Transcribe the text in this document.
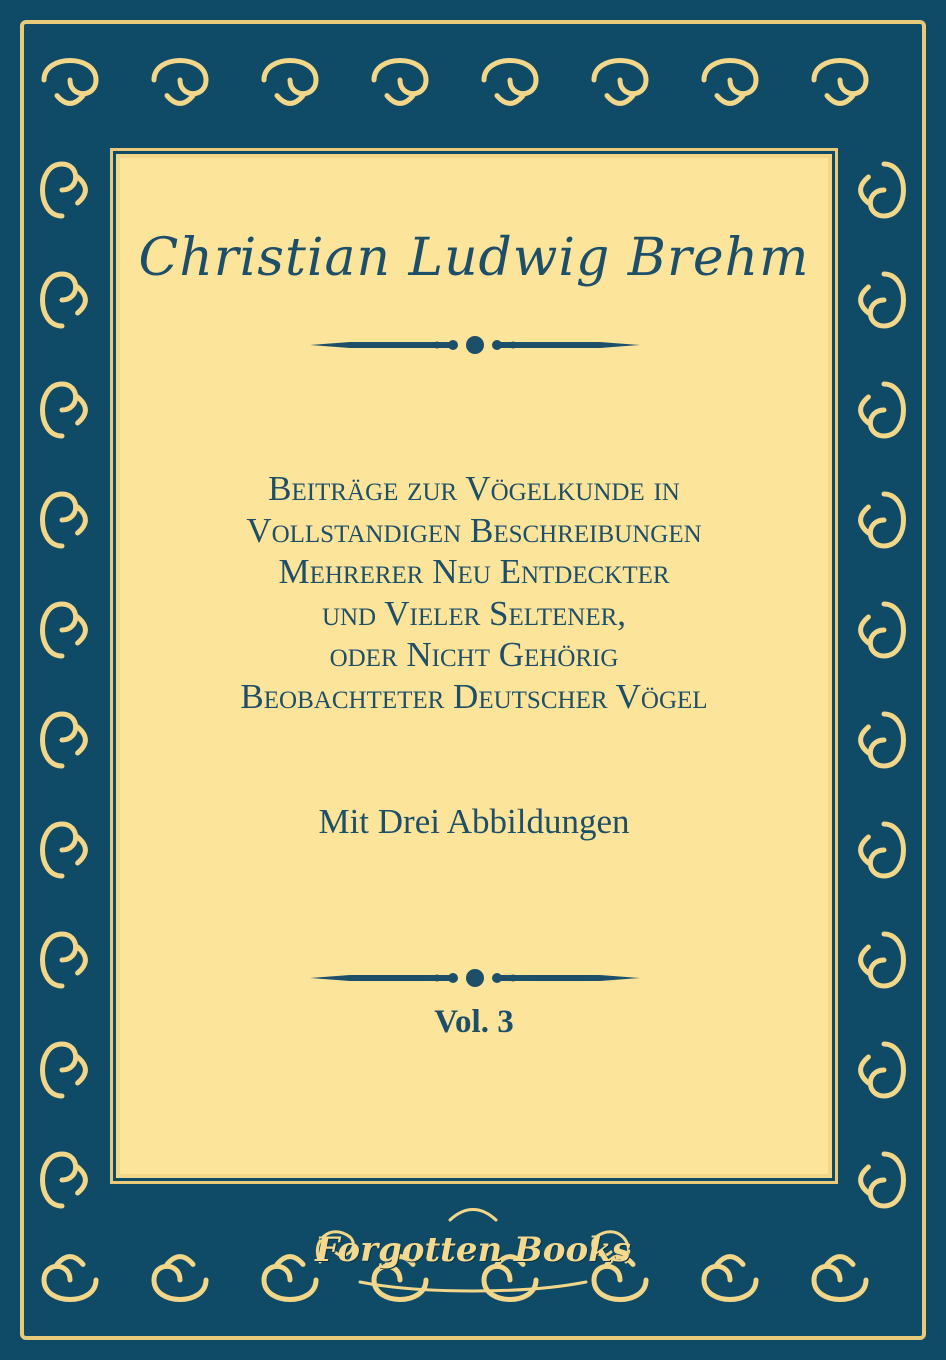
Christian Ludwig Brehm
Beiträge zur Vögelkunde in
Vollstandigen Beschreibungen
Mehrerer Neu Entdeckter
und Vieler Seltener,
oder Nicht Gehörig
Beobachteter Deutscher Vögel
Mit Drei Abbildungen
Vol. 3
Forgotten Books
